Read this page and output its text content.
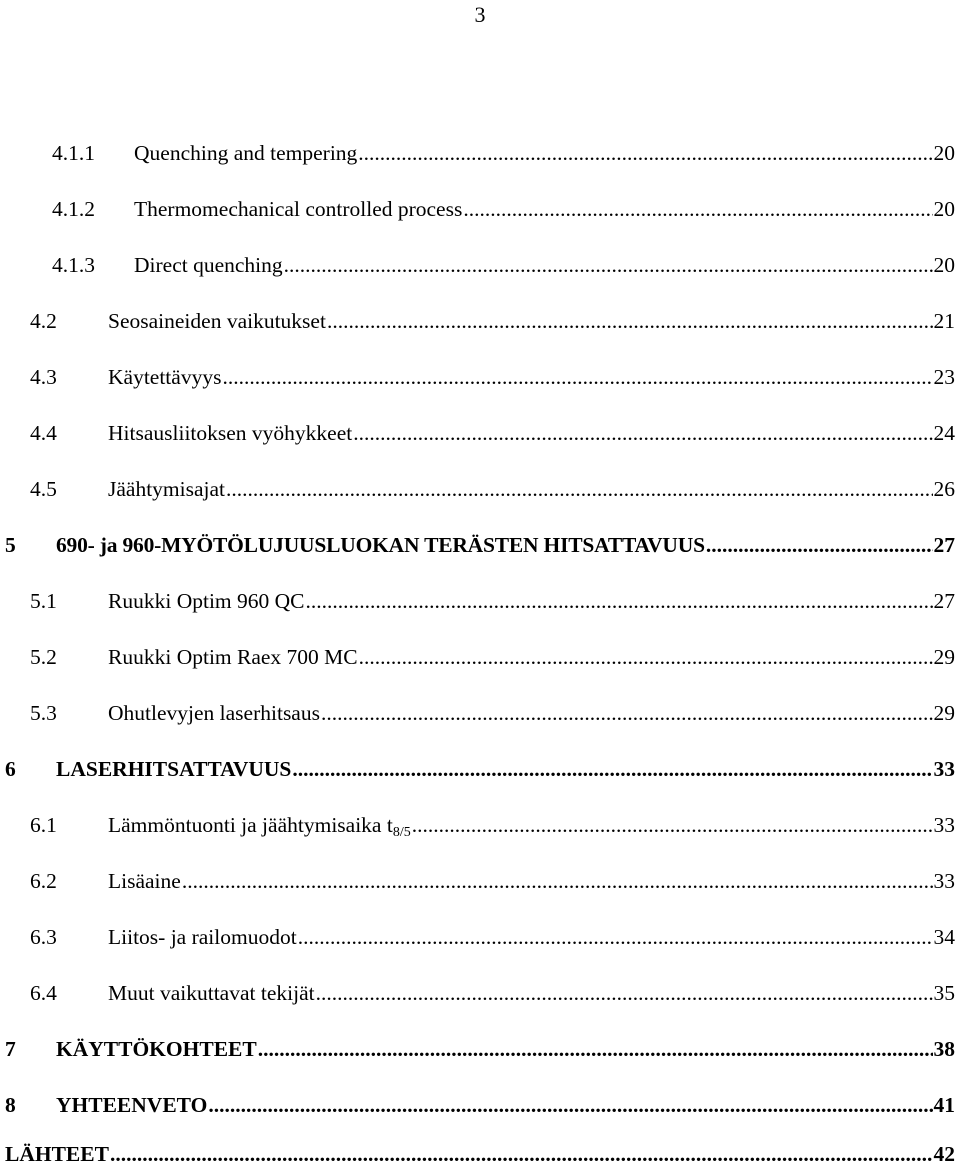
3
4.1.1	Quenching and tempering .....	20
4.1.2	Thermomechanical controlled process .....	20
4.1.3	Direct quenching .....	20
4.2	Seosaineiden vaikutukset .....	21
4.3	Käytettävyys .....	23
4.4	Hitsausliitoksen vyöhykkeet .....	24
4.5	Jäähtymisajat .....	26
5	690- ja 960-MYÖTÖLUJUUSLUOKAN TERÄSTEN HITSATTAVUUS .....	27
5.1	Ruukki Optim 960 QC .....	27
5.2	Ruukki Optim Raex 700 MC .....	29
5.3	Ohutlevyjen laserhitsaus .....	29
6	LASERHITSATTAVUUS .....	33
6.1	Lämmöntuonti ja jäähtymisaika $t_{8/5}$ .....	33
6.2	Lisäaine .....	33
6.3	Liitos- ja railomuodot .....	34
6.4	Muut vaikuttavat tekijät .....	35
7	KÄYTTÖKOHTEET .....	38
8	YHTEENVETO .....	41
LÄHTEET .....	42
